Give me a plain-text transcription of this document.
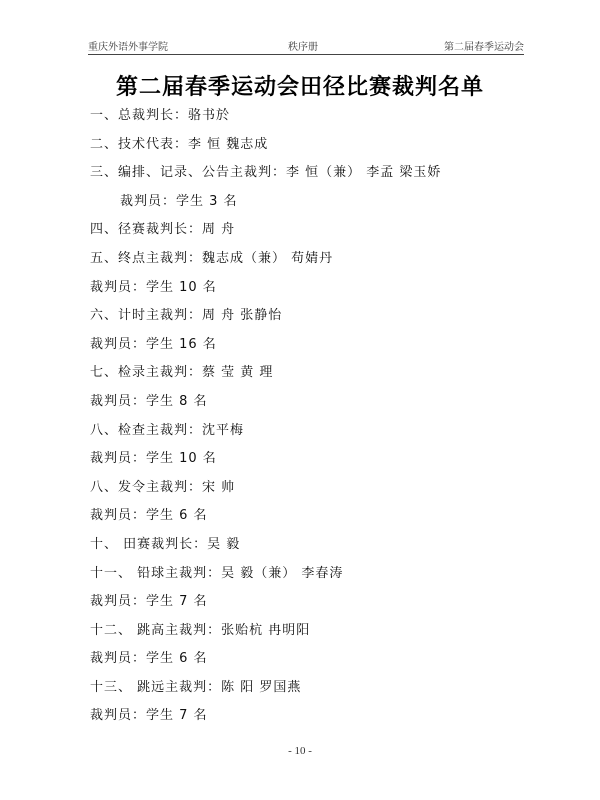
重庆外语外事学院	秩序册	第二届春季运动会
第二届春季运动会田径比赛裁判名单
一、总裁判长：骆书於
二、技术代表：李 恒 魏志成
三、编排、记录、公告主裁判：李 恒（兼） 李孟 梁玉娇
裁判员：学生 3 名
四、径赛裁判长：周 舟
五、终点主裁判：魏志成（兼） 苟婧丹
裁判员：学生 10 名
六、计时主裁判：周 舟 张静怡
裁判员：学生 16 名
七、检录主裁判：蔡 莹 黄 理
裁判员：学生 8 名
八、检查主裁判：沈平梅
裁判员：学生 10 名
八、发令主裁判：宋 帅
裁判员：学生 6 名
十、 田赛裁判长：吴 毅
十一、 铅球主裁判：吴 毅（兼） 李春涛
裁判员：学生 7 名
十二、 跳高主裁判：张贻杭 冉明阳
裁判员：学生 6 名
十三、 跳远主裁判：陈 阳 罗国燕
裁判员：学生 7 名
- 10 -
